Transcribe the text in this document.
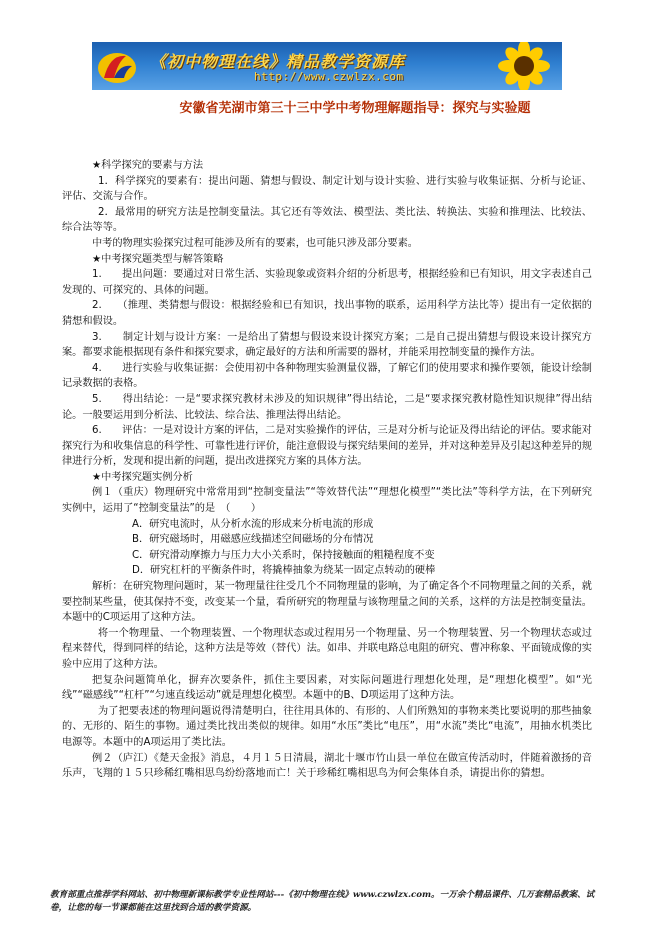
《初中物理在线》精品教学资源库
http://www.czwlzx.com
安徽省芜湖市第三十三中学中考物理解题指导：探究与实验题

★科学探究的要素与方法

1．科学探究的要素有：提出问题、猜想与假设、制定计划与设计实验、进行实验与收集证据、分析与论证、评估、交流与合作。

2．最常用的研究方法是控制变量法。其它还有等效法、模型法、类比法、转换法、实验和推理法、比较法、综合法等等。

中考的物理实验探究过程可能涉及所有的要素，也可能只涉及部分要素。

★中考探究题类型与解答策略

1.　　提出问题：要通过对日常生活、实验现象或资料介绍的分析思考，根据经验和已有知识，用文字表述自己发现的、可探究的、具体的问题。

2.　　（推理、类猜想与假设：根据经验和已有知识，找出事物的联系，运用科学方法比等）提出有一定依据的猜想和假设。

3.　　制定计划与设计方案：一是给出了猜想与假设来设计探究方案；二是自己提出猜想与假设来设计探究方案。都要求能根据现有条件和探究要求，确定最好的方法和所需要的器材，并能采用控制变量的操作方法。

4.　　进行实验与收集证据：会使用初中各种物理实验测量仪器，了解它们的使用要求和操作要领，能设计绘制记录数据的表格。

5.　　得出结论：一是“要求探究教材未涉及的知识规律”得出结论，二是“要求探究教材隐性知识规律”得出结论。一般要运用到分析法、比较法、综合法、推理法得出结论。

6.　　评估：一是对设计方案的评估，二是对实验操作的评估，三是对分析与论证及得出结论的评估。要求能对探究行为和收集信息的科学性、可靠性进行评价，能注意假设与探究结果间的差异，并对这种差异及引起这种差异的规律进行分析，发现和提出新的问题，提出改进探究方案的具体方法。

★中考探究题实例分析

例１（重庆）物理研究中常常用到“控制变量法”“等效替代法”“理想化模型”“类比法”等科学方法，在下列研究实例中，运用了“控制变量法”的是　（　　）

A．研究电流时，从分析水流的形成来分析电流的形成

B．研究磁场时，用磁感应线描述空间磁场的分布情况

C．研究滑动摩擦力与压力大小关系时，保持接触面的粗糙程度不变

D．研究杠杆的平衡条件时，将撬棒抽象为绕某一固定点转动的硬棒

解析：在研究物理问题时，某一物理量往往受几个不同物理量的影响，为了确定各个不同物理量之间的关系，就要控制某些量，使其保持不变，改变某一个量，看所研究的物理量与该物理量之间的关系，这样的方法是控制变量法。本题中的C项运用了这种方法。

将一个物理量、一个物理装置、一个物理状态或过程用另一个物理量、另一个物理装置、另一个物理状态或过程来替代，得到同样的结论，这种方法是等效（替代）法。如串、并联电路总电阻的研究、曹冲称象、平面镜成像的实验中应用了这种方法。

把复杂问题简单化，摒弃次要条件，抓住主要因素，对实际问题进行理想化处理，是“理想化模型”。如“光线”“磁感线”“杠杆”“匀速直线运动”就是理想化模型。本题中的B、D项运用了这种方法。

为了把要表述的物理问题说得清楚明白，往往用具体的、有形的、人们所熟知的事物来类比要说明的那些抽象的、无形的、陌生的事物。通过类比找出类似的规律。如用“水压”类比“电压”，用“水流”类比“电流”，用抽水机类比电源等。本题中的A项运用了类比法。

例２（庐江）《楚天金报》消息，４月１５日清晨，湖北十堰市竹山县一单位在做宣传活动时，伴随着激扬的音乐声，飞翔的１５只珍稀红嘴相思鸟纷纷落地而亡！关于珍稀红嘴相思鸟为何会集体自杀，请提出你的猜想。

教育部重点推荐学科网站、初中物理新课标教学专业性网站---《初中物理在线》www.czwlzx.com。一万余个精品课件、几万套精品教案、试卷，让您的每一节课都能在这里找到合适的教学资源。
